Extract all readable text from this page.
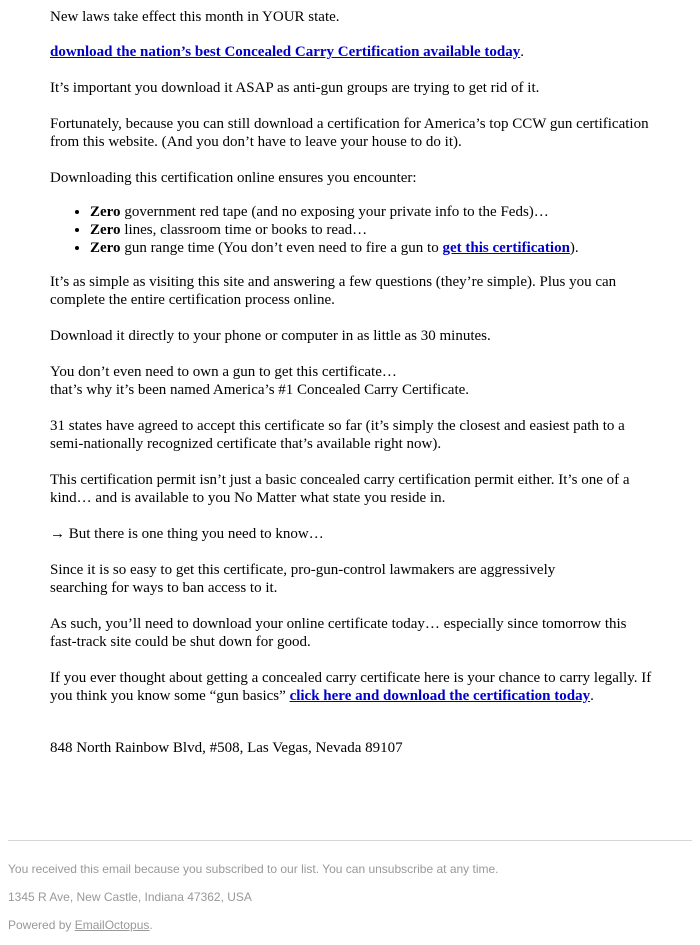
New laws take effect this month in YOUR state.

download the nation’s best Concealed Carry Certification available today.

It’s important you download it ASAP as anti-gun groups are trying to get rid of it.

Fortunately, because you can still download a certification for America’s top CCW gun certification from this website. (And you don’t have to leave your house to do it).

Downloading this certification online ensures you encounter:

• Zero government red tape (and no exposing your private info to the Feds)…
• Zero lines, classroom time or books to read…
• Zero gun range time (You don’t even need to fire a gun to get this certification).

It’s as simple as visiting this site and answering a few questions (they’re simple). Plus you can complete the entire certification process online.

Download it directly to your phone or computer in as little as 30 minutes.

You don’t even need to own a gun to get this certificate…
that’s why it’s been named America’s #1 Concealed Carry Certificate.

31 states have agreed to accept this certificate so far (it’s simply the closest and easiest path to a semi-nationally recognized certificate that’s available right now).

This certification permit isn’t just a basic concealed carry certification permit either. It’s one of a kind… and is available to you No Matter what state you reside in.

→ But there is one thing you need to know…

Since it is so easy to get this certificate, pro-gun-control lawmakers are aggressively searching for ways to ban access to it.

As such, you’ll need to download your online certificate today… especially since tomorrow this fast-track site could be shut down for good.

If you ever thought about getting a concealed carry certificate here is your chance to carry legally. If you think you know some “gun basics” click here and download the certification today.

848 North Rainbow Blvd, #508, Las Vegas, Nevada 89107

You received this email because you subscribed to our list. You can unsubscribe at any time.
1345 R Ave, New Castle, Indiana 47362, USA
Powered by EmailOctopus.
